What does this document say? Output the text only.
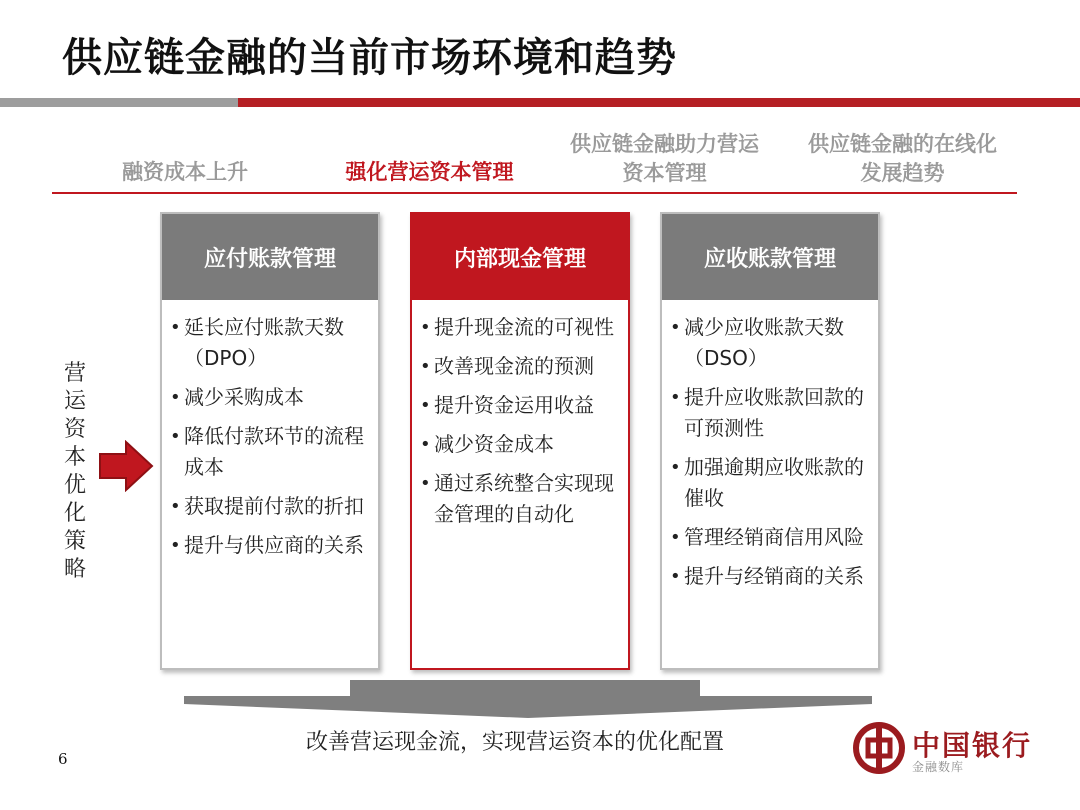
供应链金融的当前市场环境和趋势
融资成本上升	强化营运资本管理
供应链金融助力营运资本管理
供应链金融的在线化发展趋势
营
运
资
本
优
化
策
略
应付账款管理
• 延长应付账款天数（DPO）
• 减少采购成本
• 降低付款环节的流程成本
• 获取提前付款的折扣
• 提升与供应商的关系
内部现金管理
• 提升现金流的可视性
• 改善现金流的预测
• 提升资金运用收益
• 减少资金成本
• 通过系统整合实现现金管理的自动化
应收账款管理
• 减少应收账款天数（DSO）
• 提升应收账款回款的可预测性
• 加强逾期应收账款的催收
• 管理经销商信用风险
• 提升与经销商的关系
改善营运现金流，实现营运资本的优化配置
6	中国银行
金融数库
